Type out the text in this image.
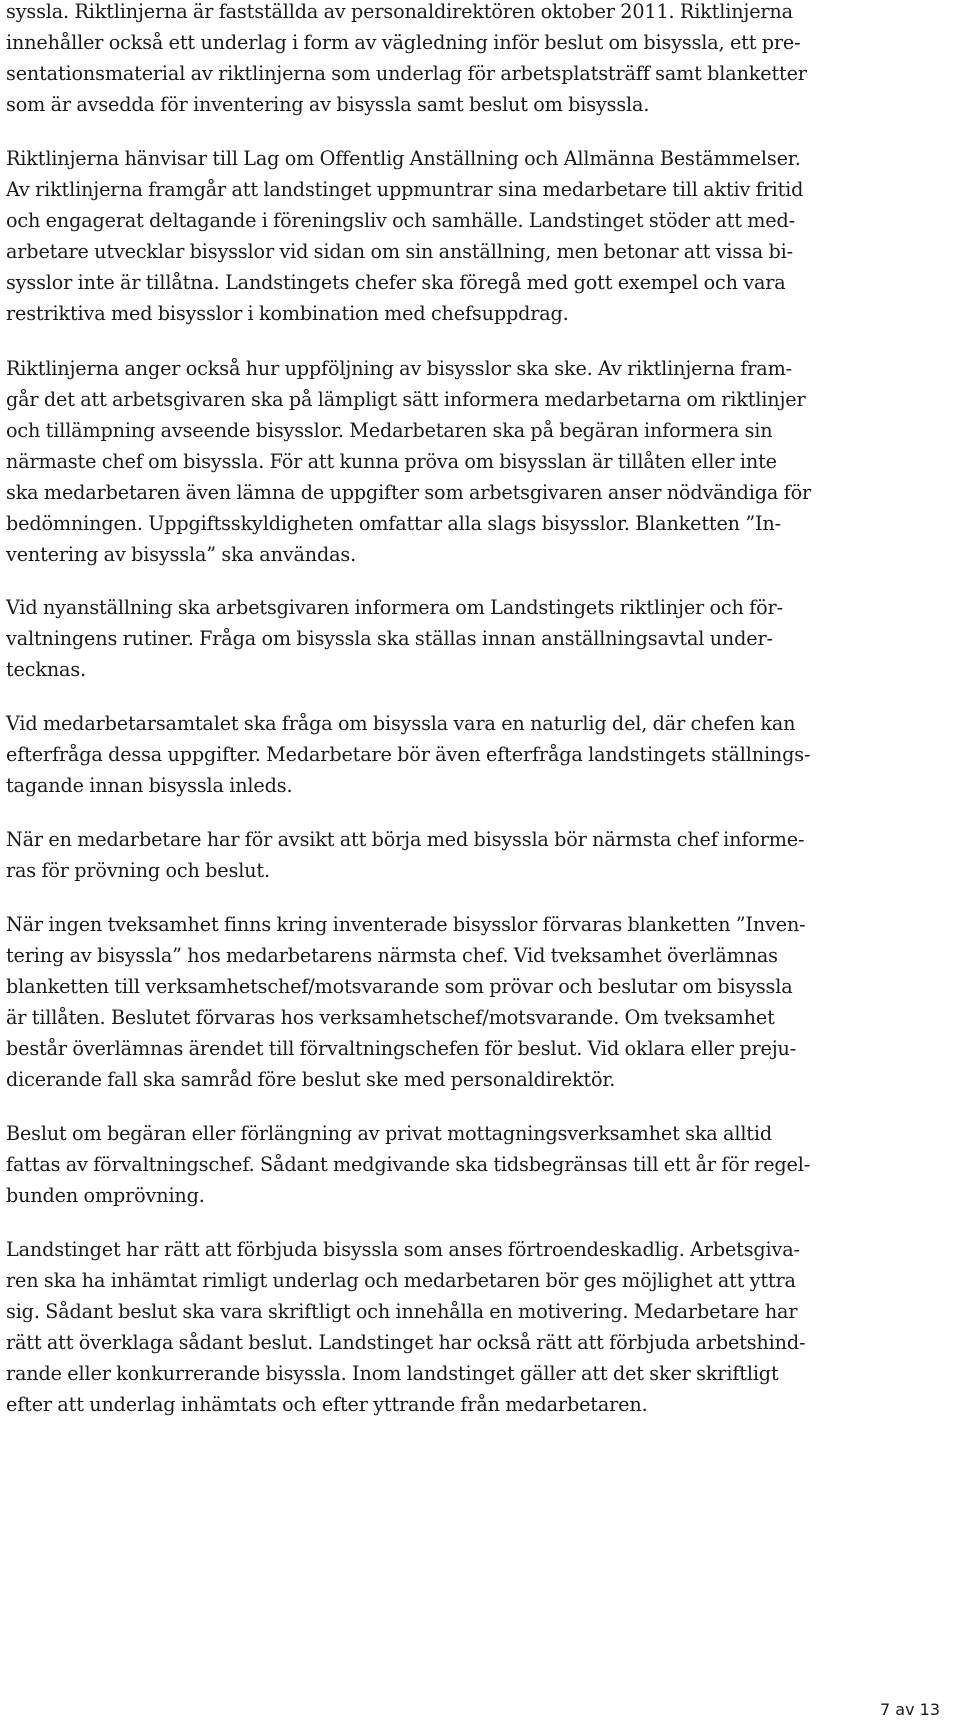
syssla. Riktlinjerna är fastställda av personaldirektören oktober 2011. Riktlinjerna
innehåller också ett underlag i form av vägledning inför beslut om bisyssla, ett pre-
sentationsmaterial av riktlinjerna som underlag för arbetsplatsträff samt blanketter
som är avsedda för inventering av bisyssla samt beslut om bisyssla.

Riktlinjerna hänvisar till Lag om Offentlig Anställning och Allmänna Bestämmelser.
Av riktlinjerna framgår att landstinget uppmuntrar sina medarbetare till aktiv fritid
och engagerat deltagande i föreningsliv och samhälle. Landstinget stöder att med-
arbetare utvecklar bisysslor vid sidan om sin anställning, men betonar att vissa bi-
sysslor inte är tillåtna. Landstingets chefer ska föregå med gott exempel och vara
restriktiva med bisysslor i kombination med chefsuppdrag.

Riktlinjerna anger också hur uppföljning av bisysslor ska ske. Av riktlinjerna fram-
går det att arbetsgivaren ska på lämpligt sätt informera medarbetarna om riktlinjer
och tillämpning avseende bisysslor. Medarbetaren ska på begäran informera sin
närmaste chef om bisyssla. För att kunna pröva om bisysslan är tillåten eller inte
ska medarbetaren även lämna de uppgifter som arbetsgivaren anser nödvändiga för
bedömningen. Uppgiftsskyldigheten omfattar alla slags bisysslor. Blanketten ”In-
ventering av bisyssla” ska användas.

Vid nyanställning ska arbetsgivaren informera om Landstingets riktlinjer och för-
valtningens rutiner. Fråga om bisyssla ska ställas innan anställningsavtal under-
tecknas.

Vid medarbetarsamtalet ska fråga om bisyssla vara en naturlig del, där chefen kan
efterfråga dessa uppgifter. Medarbetare bör även efterfråga landstingets ställnings-
tagande innan bisyssla inleds.

När en medarbetare har för avsikt att börja med bisyssla bör närmsta chef informe-
ras för prövning och beslut.

När ingen tveksamhet finns kring inventerade bisysslor förvaras blanketten ”Inven-
tering av bisyssla” hos medarbetarens närmsta chef. Vid tveksamhet överlämnas
blanketten till verksamhetschef/motsvarande som prövar och beslutar om bisyssla
är tillåten. Beslutet förvaras hos verksamhetschef/motsvarande. Om tveksamhet
består överlämnas ärendet till förvaltningschefen för beslut. Vid oklara eller preju-
dicerande fall ska samråd före beslut ske med personaldirektör.

Beslut om begäran eller förlängning av privat mottagningsverksamhet ska alltid
fattas av förvaltningschef. Sådant medgivande ska tidsbegränsas till ett år för regel-
bunden omprövning.

Landstinget har rätt att förbjuda bisyssla som anses förtroendeskadlig. Arbetsgiva-
ren ska ha inhämtat rimligt underlag och medarbetaren bör ges möjlighet att yttra
sig. Sådant beslut ska vara skriftligt och innehålla en motivering. Medarbetare har
rätt att överklaga sådant beslut. Landstinget har också rätt att förbjuda arbetshind-
rande eller konkurrerande bisyssla. Inom landstinget gäller att det sker skriftligt
efter att underlag inhämtats och efter yttrande från medarbetaren.

7 av 13
